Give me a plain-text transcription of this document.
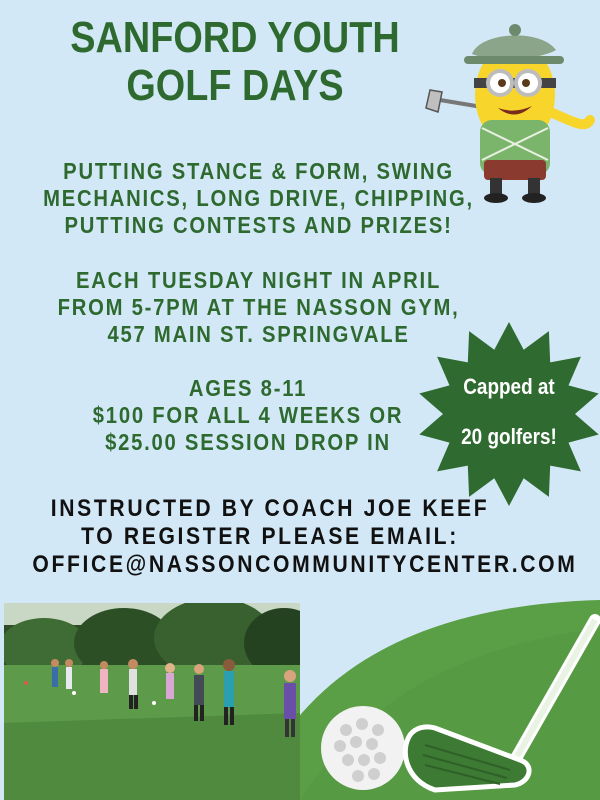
SANFORD YOUTH GOLF DAYS
PUTTING STANCE & FORM, SWING
MECHANICS, LONG DRIVE, CHIPPING,
PUTTING CONTESTS AND PRIZES!
EACH TUESDAY NIGHT IN APRIL
FROM 5-7PM AT THE NASSON GYM,
457 MAIN ST. SPRINGVALE
AGES 8-11
$100 FOR ALL 4 WEEKS OR
$25.00 SESSION DROP IN
Capped at
20 golfers!
INSTRUCTED BY COACH JOE KEEF
TO REGISTER PLEASE EMAIL:
OFFICE@NASSONCOMMUNITYCENTER.COM
